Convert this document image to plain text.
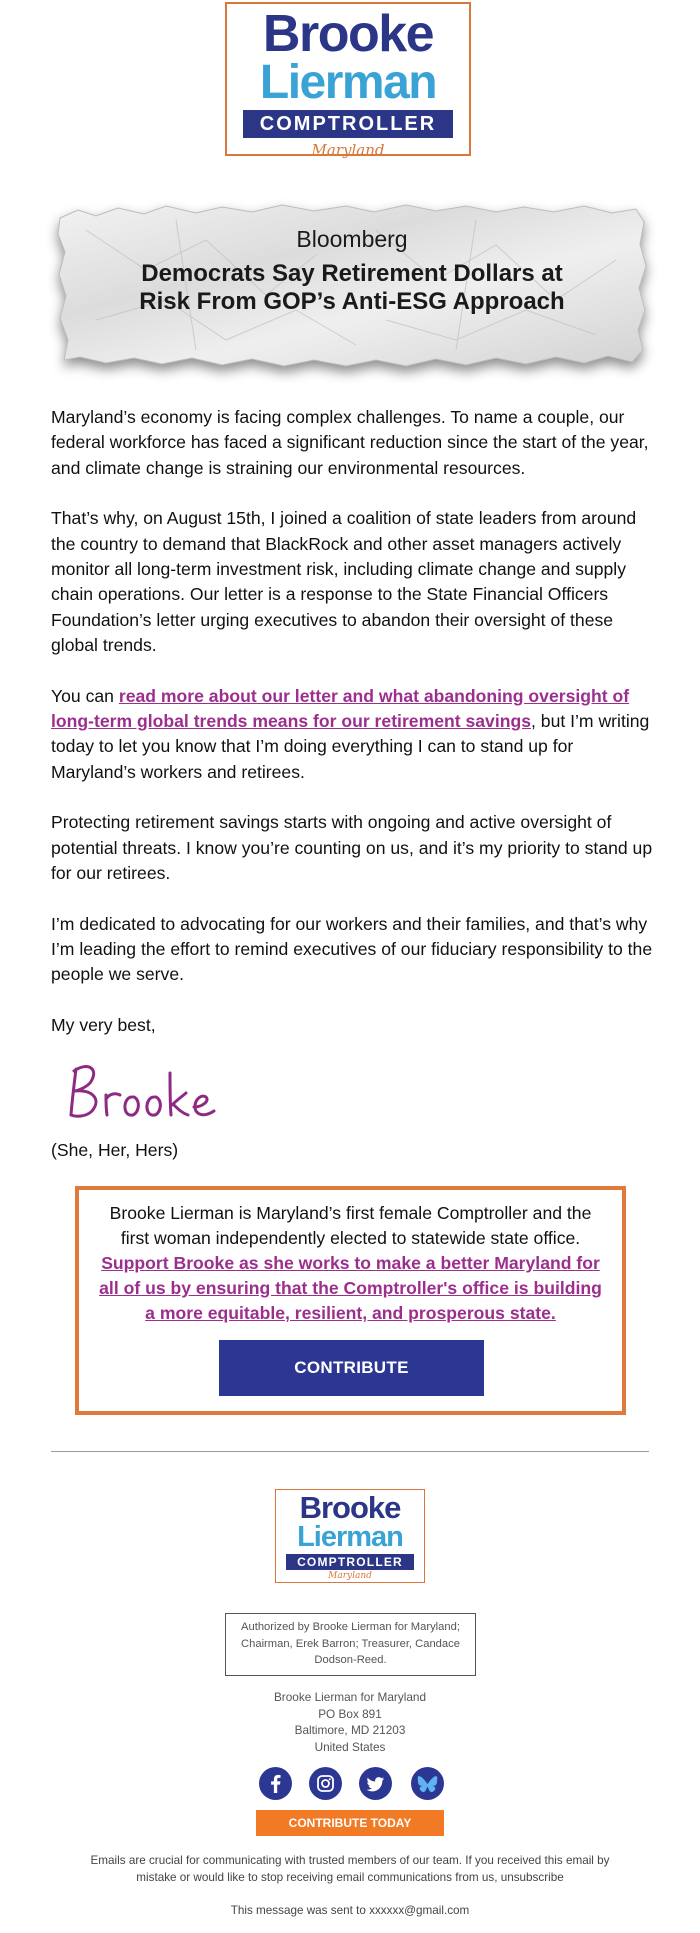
Brooke
Lierman
COMPTROLLER
Maryland
Bloomberg
Democrats Say Retirement Dollars at
Risk From GOP’s Anti-ESG Approach

Maryland’s economy is facing complex challenges. To name a couple, our federal workforce has faced a significant reduction since the start of the year, and climate change is straining our environmental resources.

That’s why, on August 15th, I joined a coalition of state leaders from around the country to demand that BlackRock and other asset managers actively monitor all long-term investment risk, including climate change and supply chain operations. Our letter is a response to the State Financial Officers Foundation’s letter urging executives to abandon their oversight of these global trends.

You can read more about our letter and what abandoning oversight of long-term global trends means for our retirement savings, but I’m writing today to let you know that I’m doing everything I can to stand up for Maryland’s workers and retirees.

Protecting retirement savings starts with ongoing and active oversight of potential threats. I know you’re counting on us, and it’s my priority to stand up for our retirees.

I’m dedicated to advocating for our workers and their families, and that’s why I’m leading the effort to remind executives of our fiduciary responsibility to the people we serve.

My very best,

(She, Her, Hers)
Brooke Lierman is Maryland’s first female Comptroller and the first woman independently elected to statewide state office.
Support Brooke as she works to make a better Maryland for all of us by ensuring that the Comptroller's office is building a more equitable, resilient, and prosperous state.
CONTRIBUTE
Brooke
Lierman
COMPTROLLER
Maryland
Authorized by Brooke Lierman for Maryland; Chairman, Erek Barron; Treasurer, Candace Dodson-Reed.
Brooke Lierman for Maryland
PO Box 891
Baltimore, MD 21203
United States
CONTRIBUTE TODAY
Emails are crucial for communicating with trusted members of our team. If you received this email by mistake or would like to stop receiving email communications from us, unsubscribe
This message was sent to xxxxxx@gmail.com
